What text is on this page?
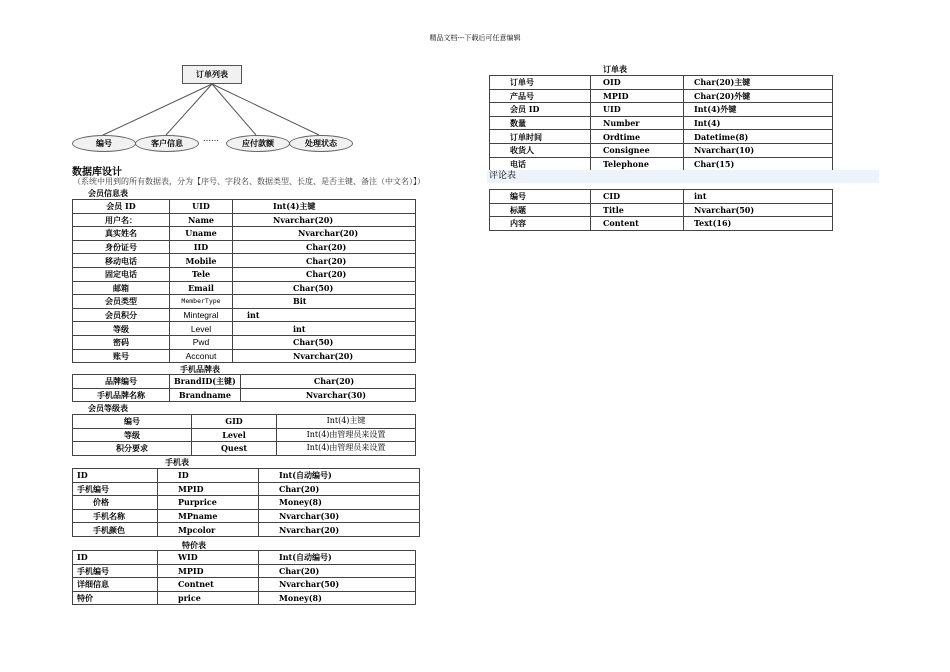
精品文档---下载后可任意编辑
订单列表
编号	客户信息	……	应付款额	处理状态
数据库设计
（系统中用到的所有数据表，分为【序号、字段名、数据类型、长度、是否主键、备注（中文名）】）
会员信息表
会员 ID	UID	Int(4)主键
用户名：	Name	Nvarchar(20)
真实姓名	Uname	Nvarchar(20)
身份证号	IID	Char(20)
移动电话	Mobile	Char(20)
固定电话	Tele	Char(20)
邮箱	Email	Char(50)
会员类型	MemberType	Bit
会员积分	Mintegral	int
等级	Level	int
密码	Pwd	Char(50)
账号	Acconut	Nvarchar(20)
手机品牌表
品牌编号	BrandID(主键)	Char(20)
手机品牌名称	Brandname	Nvarchar(30)
会员等级表
编号	GID	Int(4)主键
等级	Level	Int(4)由管理员来设置
积分要求	Quest	Int(4)由管理员来设置
手机表
ID	ID	Int(自动编号)
手机编号	MPID	Char(20)
价格	Purprice	Money(8)
手机名称	MPname	Nvarchar(30)
手机颜色	Mpcolor	Nvarchar(20)
特价表
ID	WID	Int(自动编号)
手机编号	MPID	Char(20)
详细信息	Contnet	Nvarchar(50)
特价	price	Money(8)
订单表
订单号	OID	Char(20)主键
产品号	MPID	Char(20)外键
会员 ID	UID	Int(4)外键
数量	Number	Int(4)
订单时间	Ordtime	Datetime(8)
收货人	Consignee	Nvarchar(10)
电话	Telephone	Char(15)
评论表
编号	CID	int
标题	Title	Nvarchar(50)
内容	Content	Text(16)
